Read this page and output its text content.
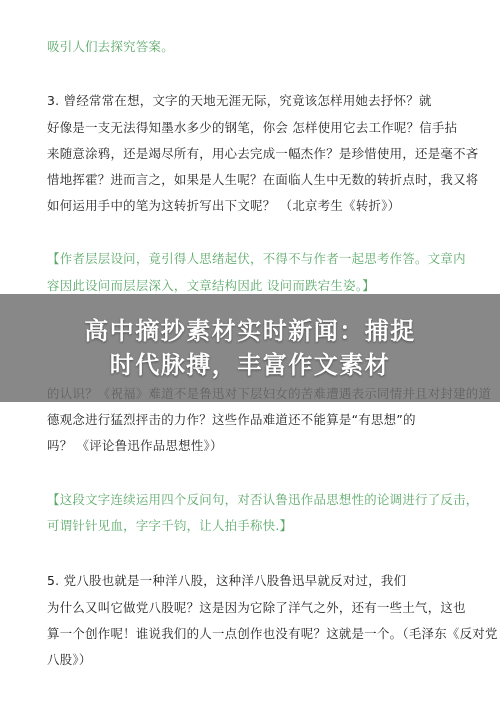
吸引人们去探究答案。
3. 曾经常常在想，文字的天地无涯无际，究竟该怎样用她去抒怀？就
好像是一支无法得知墨水多少的钢笔，你会 怎样使用它去工作呢？信手拈
来随意涂鸦，还是竭尽所有，用心去完成一幅杰作？是珍惜使用，还是毫不吝
惜地挥霍？进而言之，如果是人生呢？在面临人生中无数的转折点时，我又将
如何运用手中的笔为这转折写出下文呢？ （北京考生《转折》）
【作者层层设问，竟引得人思绪起伏，不得不与作者一起思考作答。文章内
容因此设问而层层深入，文章结构因此 设问而跌宕生姿。】
德观念进行猛烈抨击的力作？这些作品难道还不能算是“有思想”的
吗？ 《评论鲁迅作品思想性》）
【这段文字连续运用四个反问句，对否认鲁迅作品思想性的论调进行了反击，
可谓针针见血，字字千钧，让人拍手称快.】
5. 党八股也就是一种洋八股，这种洋八股鲁迅早就反对过，我们
为什么又叫它做党八股呢？这是因为它除了洋气之外，还有一些土气，这也
算一个创作呢！谁说我们的人一点创作也没有呢？这就是一个。（毛泽东《反对党
八股》）
高中摘抄素材实时新闻：捕捉
时代脉搏，丰富作文素材
